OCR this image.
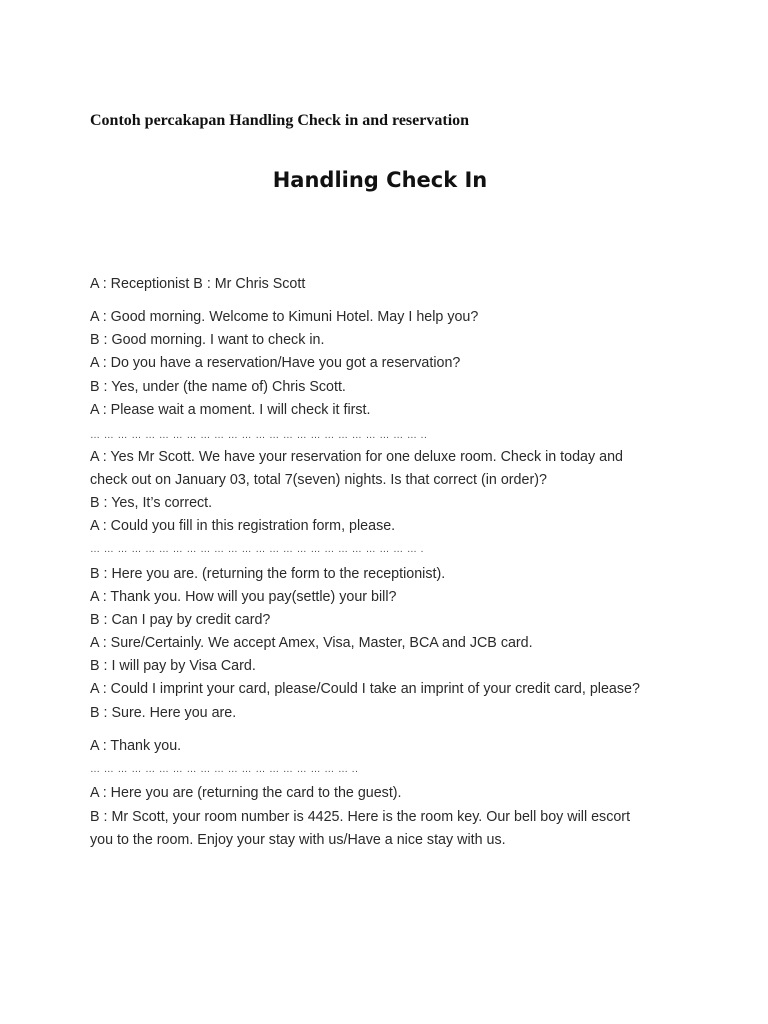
Contoh percakapan Handling Check in and reservation
Handling Check In
A : Receptionist B : Mr Chris Scott
A : Good morning. Welcome to Kimuni Hotel. May I help you?
B : Good morning. I want to check in.
A : Do you have a reservation/Have you got a reservation?
B : Yes, under (the name of) Chris Scott.
A : Please wait a moment. I will check it first.
… … … … … … … … … … … … … … … … … … … … … … … … ..
A : Yes Mr Scott. We have your reservation for one deluxe room. Check in today and
check out on January 03, total 7(seven) nights. Is that correct (in order)?
B : Yes, It’s correct.
A : Could you fill in this registration form, please.
… … … … … … … … … … … … … … … … … … … … … … … … .
B : Here you are. (returning the form to the receptionist).
A : Thank you. How will you pay(settle) your bill?
B : Can I pay by credit card?
A : Sure/Certainly. We accept Amex, Visa, Master, BCA and JCB card.
B : I will pay by Visa Card.
A : Could I imprint your card, please/Could I take an imprint of your credit card, please?
B : Sure. Here you are.
A : Thank you.
… … … … … … … … … … … … … … … … … … … ..
A : Here you are (returning the card to the guest).
B : Mr Scott, your room number is 4425. Here is the room key. Our bell boy will escort
you to the room. Enjoy your stay with us/Have a nice stay with us.
